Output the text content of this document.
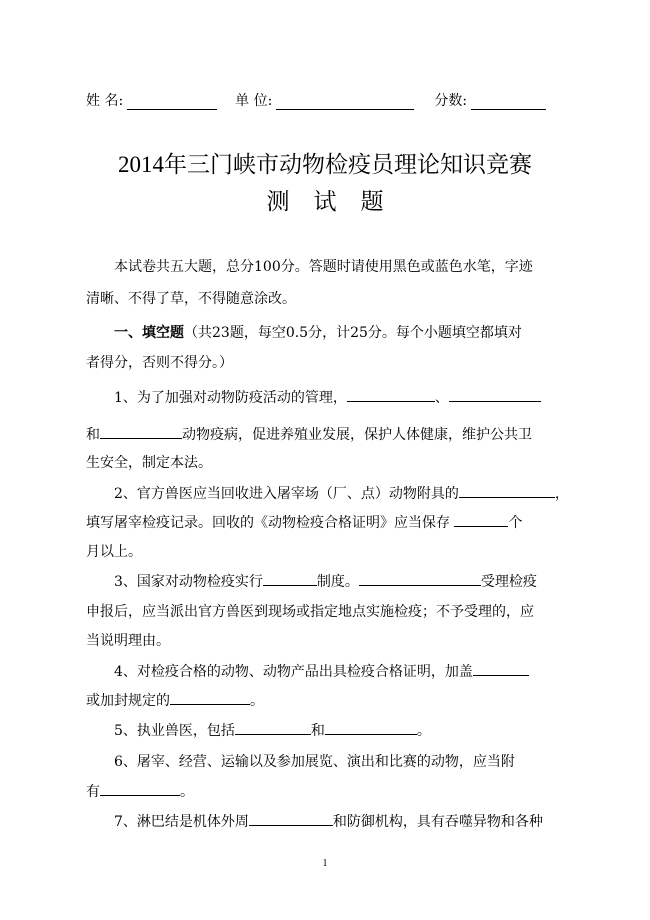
姓 名:	单 位:	分数:
2014年三门峡市动物检疫员理论知识竞赛
测试题
本试卷共五大题，总分100分。答题时请使用黑色或蓝色水笔，字迹
清晰、不得了草，不得随意涂改。
一、填空题（共23题，每空0.5分，计25分。每个小题填空都填对
者得分，否则不得分。）
1、为了加强对动物防疫活动的管理，	、
和	动物疫病，促进养殖业发展，保护人体健康，维护公共卫
生安全，制定本法。
2、官方兽医应当回收进入屠宰场（厂、点）动物附具的	，
填写屠宰检疫记录。回收的《动物检疫合格证明》应当保存	个
月以上。
3、国家对动物检疫实行	制度。	受理检疫
申报后，应当派出官方兽医到现场或指定地点实施检疫；不予受理的，应
当说明理由。
4、对检疫合格的动物、动物产品出具检疫合格证明，加盖
或加封规定的	。
5、执业兽医，包括	和	。
6、屠宰、经营、运输以及参加展览、演出和比赛的动物，应当附
有	。
7、淋巴结是机体外周	和防御机构，具有吞噬异物和各种
1
